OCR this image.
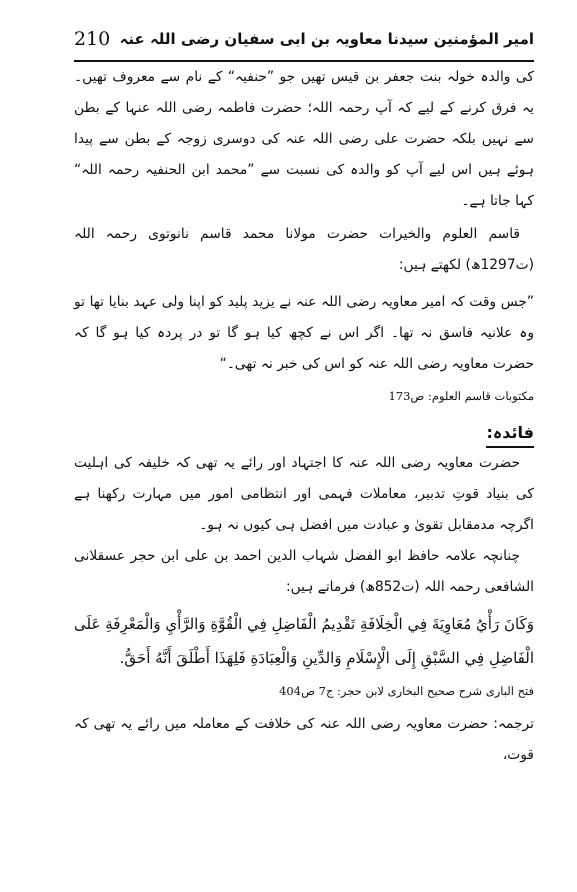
210 امیر المؤمنین سیدنا معاویہ بن ابی سفیان رضی اللہ عنہ

کی والدہ خولہ بنت جعفر بن قیس تھیں جو ”حنفیہ“ کے نام سے معروف تھیں۔ یہ فرق کرنے کے لیے کہ آپ رحمہ اللہ؛ حضرت فاطمہ رضی اللہ عنہا کے بطن سے نہیں بلکہ حضرت علی رضی اللہ عنہ کی دوسری زوجہ کے بطن سے پیدا ہوئے ہیں اس لیے آپ کو والدہ کی نسبت سے ”محمد ابن الحنفیہ رحمہ اللہ“ کہا جاتا ہے۔

قاسم العلوم والخیرات حضرت مولانا محمد قاسم نانوتوی رحمہ اللہ (ت1297ھ) لکھتے ہیں:

”جس وقت کہ امیر معاویہ رضی اللہ عنہ نے یزید پلید کو اپنا ولی عہد بنایا تھا تو وہ علانیہ فاسق نہ تھا۔ اگر اس نے کچھ کیا ہو گا تو در پردہ کیا ہو گا کہ حضرت معاویہ رضی اللہ عنہ کو اس کی خبر نہ تھی۔“

مکتوبات قاسم العلوم: ص173

فائدہ:

حضرت معاویہ رضی اللہ عنہ کا اجتہاد اور رائے یہ تھی کہ خلیفہ کی اہلیت کی بنیاد قوتِ تدبیر، معاملات فہمی اور انتظامی امور میں مہارت رکھنا ہے اگرچہ مدمقابل تقویٰ و عبادت میں افضل ہی کیوں نہ ہو۔

چنانچہ علامہ حافظ ابو الفضل شہاب الدین احمد بن علی ابن حجر عسقلانی الشافعی رحمہ اللہ (ت852ھ) فرماتے ہیں:

وَكَانَ رَأْيُ مُعَاوِيَةَ فِي الْخِلَافَةِ تَقْدِيمُ الْفَاضِلِ فِي الْقُوَّةِ وَالرَّأْيِ وَالْمَعْرِفَةِ عَلَى الْفَاضِلِ فِي السَّبْقِ إِلَى الْإِسْلَامِ وَالدِّينِ وَالْعِبَادَةِ فَلِهَذَا أَطْلَقَ أَنَّهُ أَحَقُّ.

فتح الباری شرح صحیح البخاری لابن حجر: ج7 ص404

ترجمہ: حضرت معاویہ رضی اللہ عنہ کی خلافت کے معاملہ میں رائے یہ تھی کہ قوت،
